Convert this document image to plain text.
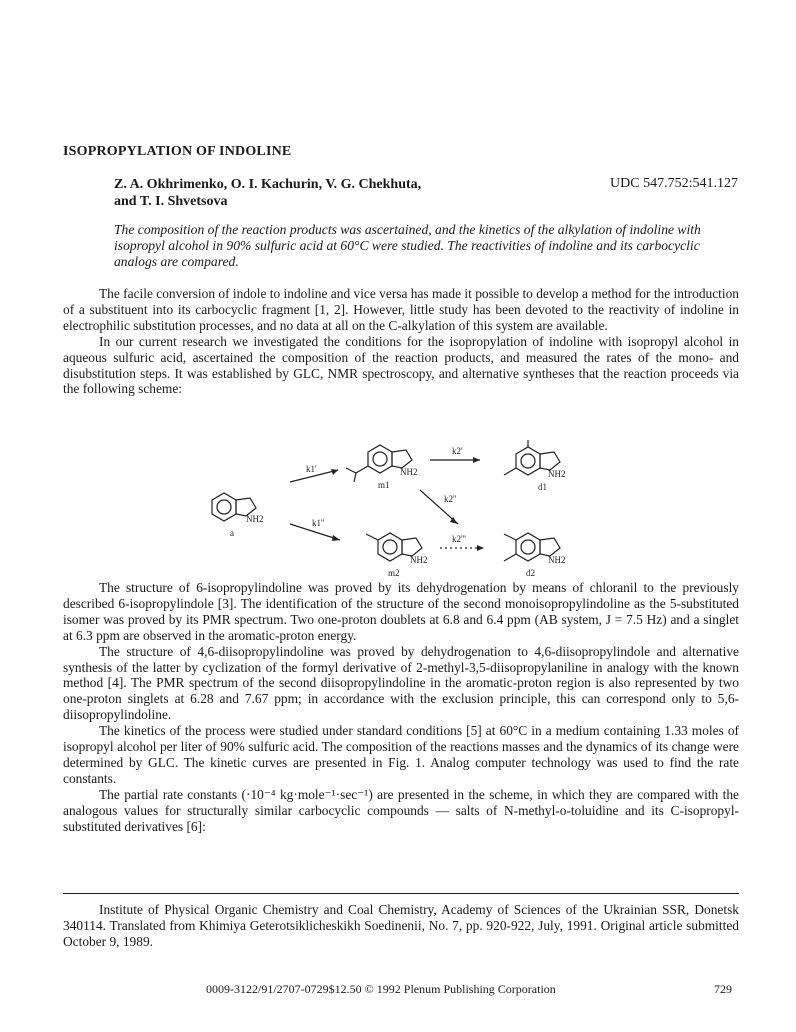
ISOPROPYLATION OF INDOLINE
Z. A. Okhrimenko, O. I. Kachurin, V. G. Chekhuta,
and T. I. Shvetsova
UDC 547.752:541.127
The composition of the reaction products was ascertained, and the kinetics of the alkylation of indoline with isopropyl alcohol in 90% sulfuric acid at 60°C were studied. The reactivities of indoline and its carbocyclic analogs are compared.

The facile conversion of indole to indoline and vice versa has made it possible to develop a method for the introduction of a substituent into its carbocyclic fragment [1, 2]. However, little study has been devoted to the reactivity of indoline in electrophilic substitution processes, and no data at all on the C-alkylation of this system are available.

In our current research we investigated the conditions for the isopropylation of indoline with isopropyl alcohol in aqueous sulfuric acid, ascertained the composition of the reaction products, and measured the rates of the mono- and disubstitution steps. It was established by GLC, NMR spectroscopy, and alternative syntheses that the reaction proceeds via the following scheme:

NH2
NH2	NH2
NH2	NH2
a
m1	d1
m2	d2
k1'
k1''
k2'
k2''
k2'''

The structure of 6-isopropylindoline was proved by its dehydrogenation by means of chloranil to the previously described 6-isopropylindole [3]. The identification of the structure of the second monoisopropylindoline as the 5-substituted isomer was proved by its PMR spectrum. Two one-proton doublets at 6.8 and 6.4 ppm (AB system, J = 7.5 Hz) and a singlet at 6.3 ppm are observed in the aromatic-proton energy.

The structure of 4,6-diisopropylindoline was proved by dehydrogenation to 4,6-diisopropylindole and alternative synthesis of the latter by cyclization of the formyl derivative of 2-methyl-3,5-diisopropylaniline in analogy with the known method [4]. The PMR spectrum of the second diisopropylindoline in the aromatic-proton region is also represented by two one-proton singlets at 6.28 and 7.67 ppm; in accordance with the exclusion principle, this can correspond only to 5,6-diisopropylindoline.

The kinetics of the process were studied under standard conditions [5] at 60°C in a medium containing 1.33 moles of isopropyl alcohol per liter of 90% sulfuric acid. The composition of the reactions masses and the dynamics of its change were determined by GLC. The kinetic curves are presented in Fig. 1. Analog computer technology was used to find the rate constants.

The partial rate constants (·10⁻⁴ kg·mole⁻¹·sec⁻¹) are presented in the scheme, in which they are compared with the analogous values for structurally similar carbocyclic compounds — salts of N-methyl-o-toluidine and its C-isopropyl-substituted derivatives [6]:

Institute of Physical Organic Chemistry and Coal Chemistry, Academy of Sciences of the Ukrainian SSR, Donetsk 340114. Translated from Khimiya Geterotsiklicheskikh Soedinenii, No. 7, pp. 920-922, July, 1991. Original article submitted October 9, 1989.

0009-3122/91/2707-0729$12.50 © 1992 Plenum Publishing Corporation	729
